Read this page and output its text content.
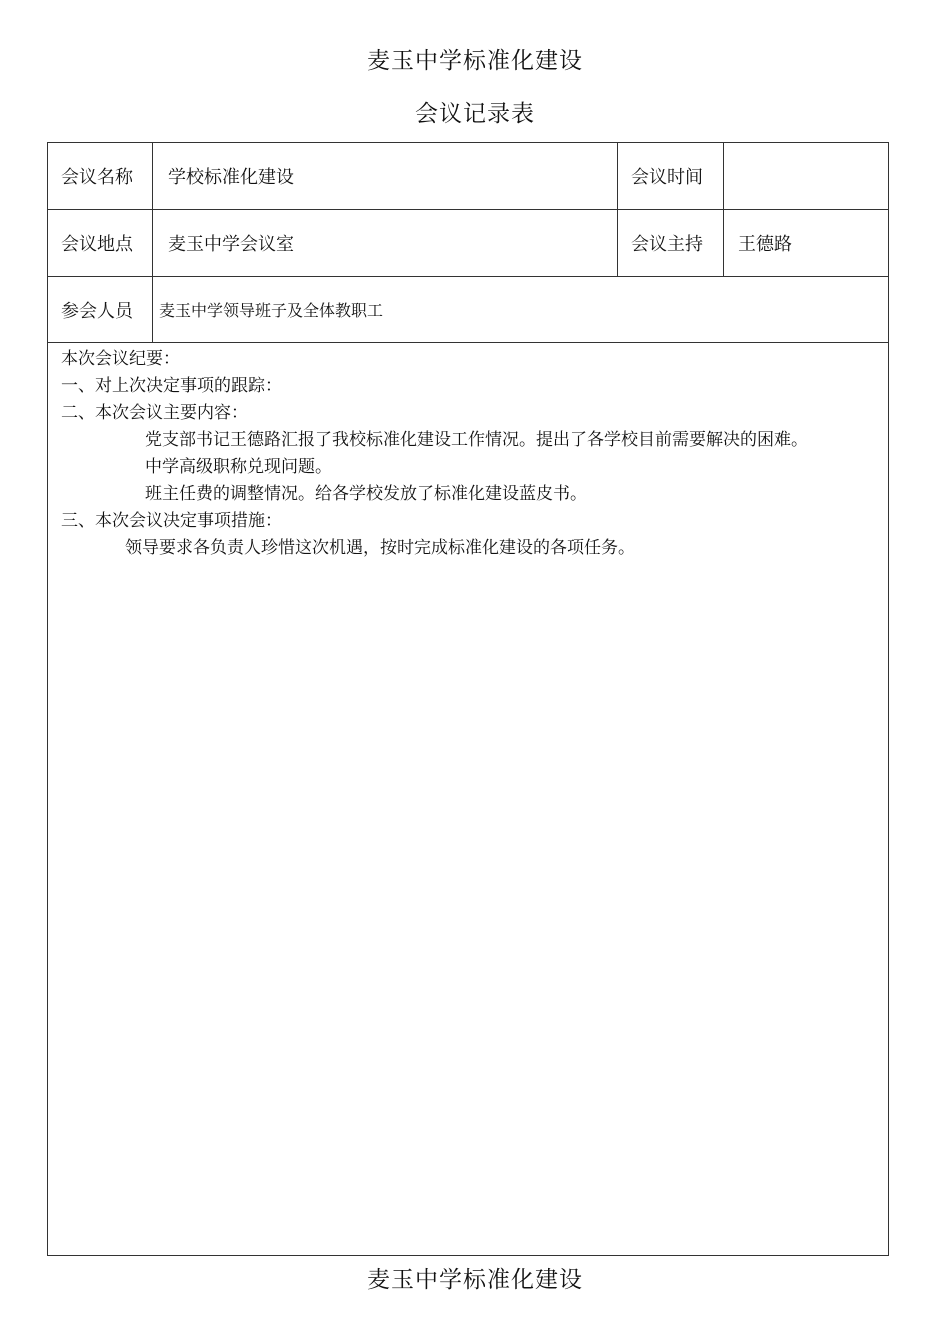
麦玉中学标准化建设
会议记录表
会议名称	学校标准化建设	会议时间
会议地点	麦玉中学会议室	会议主持	王德路
参会人员	麦玉中学领导班子及全体教职工
本次会议纪要：
一、对上次决定事项的跟踪：
二、本次会议主要内容：
党支部书记王德路汇报了我校标准化建设工作情况。提出了各学校目前需要解决的困难。
中学高级职称兑现问题。
班主任费的调整情况。给各学校发放了标准化建设蓝皮书。
三、本次会议决定事项措施：
领导要求各负责人珍惜这次机遇，按时完成标准化建设的各项任务。
麦玉中学标准化建设
